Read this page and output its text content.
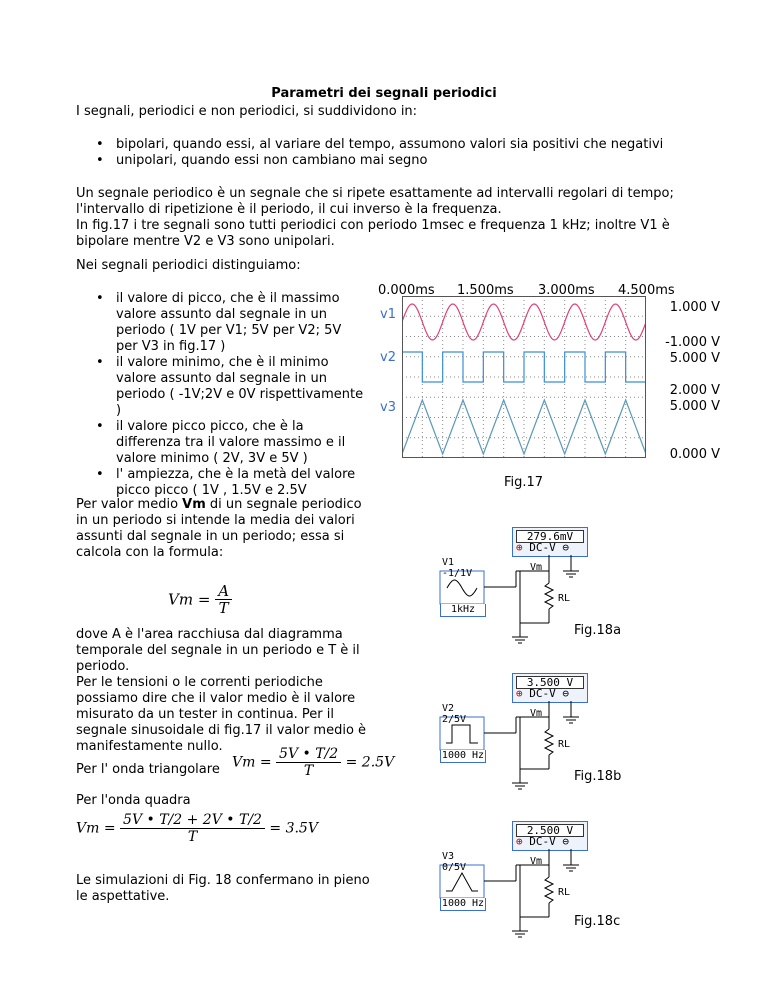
Parametri dei segnali periodici
I segnali, periodici e non periodici, si suddividono in:
• bipolari, quando essi, al variare del tempo, assumono valori sia positivi che negativi
• unipolari, quando essi non cambiano mai segno
Un segnale periodico è un segnale che si ripete esattamente ad intervalli regolari di tempo;
l'intervallo di ripetizione è il periodo, il cui inverso è la frequenza.
In fig.17 i tre segnali sono tutti periodici con periodo 1msec e frequenza 1 kHz; inoltre V1 è
bipolare mentre V2 e V3 sono unipolari.
Nei segnali periodici distinguiamo:
• il valore di picco, che è il massimo
valore assunto dal segnale in un
periodo ( 1V per V1; 5V per V2; 5V
per V3 in fig.17 )
• il valore minimo, che è il minimo
valore assunto dal segnale in un
periodo ( -1V;2V e 0V rispettivamente
)
• il valore picco picco, che è la
differenza tra il valore massimo e il
valore minimo ( 2V, 3V e 5V )
• l' ampiezza, che è la metà del valore
picco picco ( 1V , 1.5V e 2.5V
0.000ms 1.500ms 3.000ms 4.500ms
v1
v2
v3
1.000 V
-1.000 V
5.000 V
2.000 V
5.000 V
0.000 V
Fig.17
Per valor medio Vm di un segnale periodico
in un periodo si intende la media dei valori
assunti dal segnale in un periodo; essa si
calcola con la formula:
$Vm = \frac{A}{T}$
dove A è l'area racchiusa dal diagramma
temporale del segnale in un periodo e T è il
periodo.
Per le tensioni o le correnti periodiche
possiamo dire che il valor medio è il valore
misurato da un tester in continua. Per il
segnale sinusoidale di fig.17 il valor medio è
manifestamente nullo.
Per l' onda triangolare $Vm = \frac{5V • T/2}{T} = 2.5V$
Per l'onda quadra
$Vm = \frac{5V • T/2 + 2V • T/2}{T} = 3.5V$
Le simulazioni di Fig. 18 confermano in pieno
le aspettative.
279.6mV
⊕ DC-V ⊖
V1
-1/1V
1kHz
Vm
RL
3.500 V
⊕ DC-V ⊖
V2
2/5V
1000 Hz
Vm
RL
2.500 V
⊕ DC-V ⊖
V3
0/5V
1000 Hz
Vm
RL
Fig.18a
Fig.18b
Fig.18c
